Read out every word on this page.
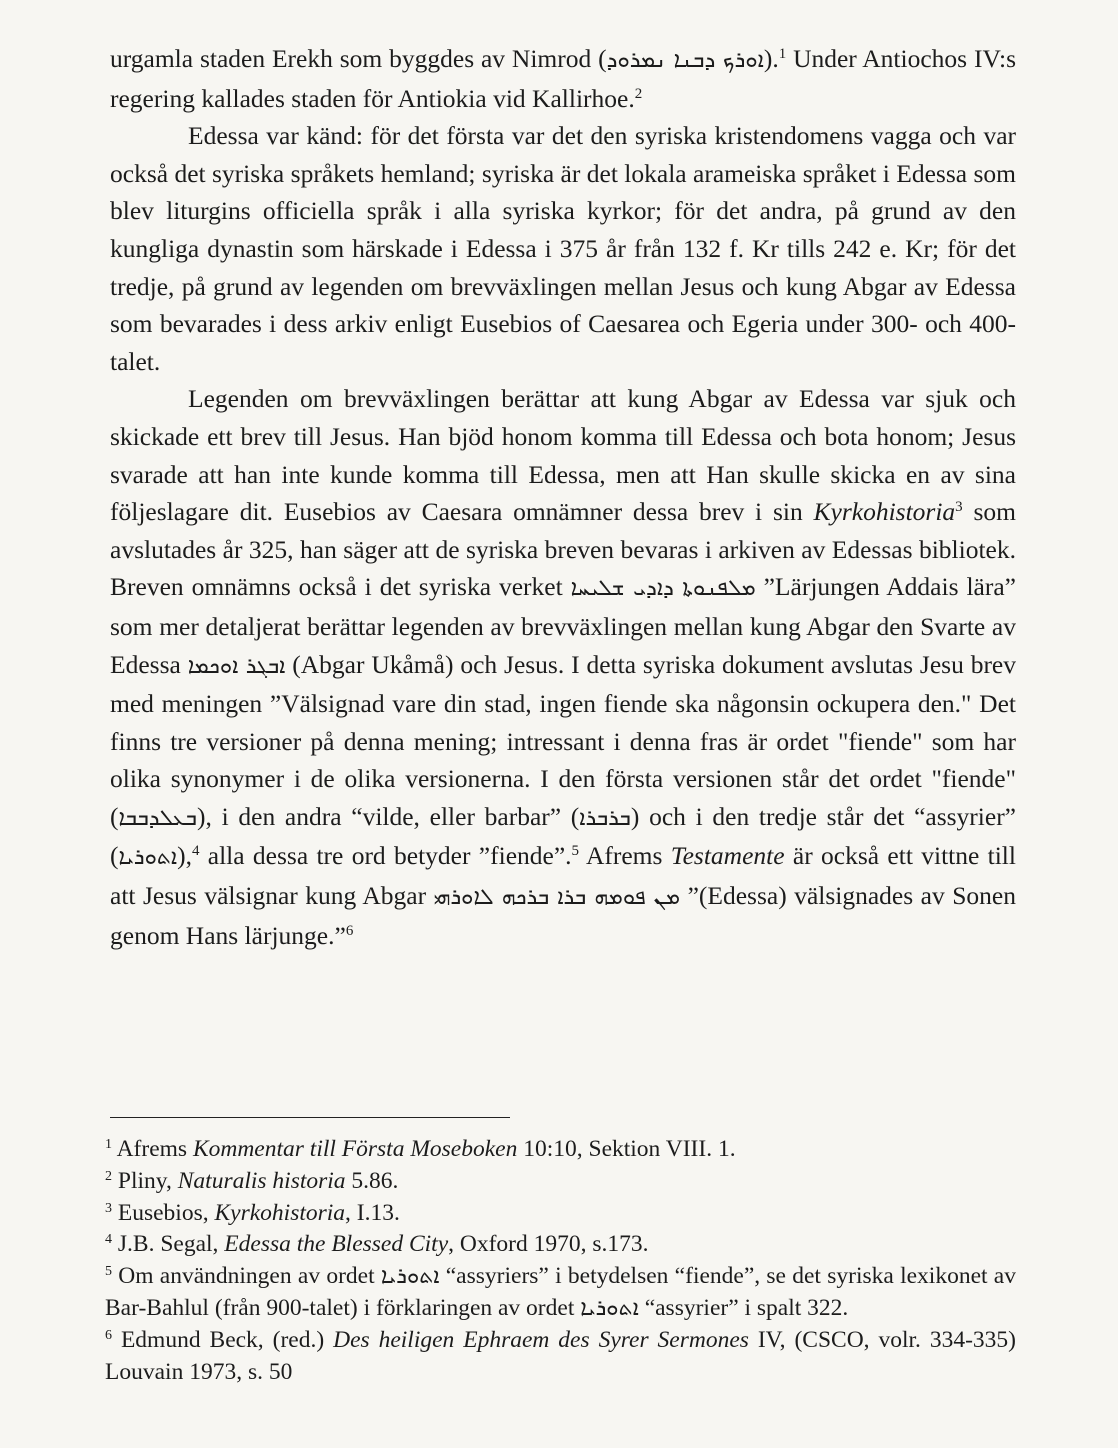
urgamla staden Erekh som byggdes av Nimrod (ܐܘܪܟ ܕܒܢܐ ܢܡܪܘܕ).$^1$ Under Antiochos IV:s regering kallades staden för Antiokia vid Kallirhoe.$^2$

Edessa var känd: för det första var det den syriska kristendomens vagga och var också det syriska språkets hemland; syriska är det lokala arameiska språket i Edessa som blev liturgins officiella språk i alla syriska kyrkor; för det andra, på grund av den kungliga dynastin som härskade i Edessa i 375 år från 132 f. Kr tills 242 e. Kr; för det tredje, på grund av legenden om brevväxlingen mellan Jesus och kung Abgar av Edessa som bevarades i dess arkiv enligt Eusebios of Caesarea och Egeria under 300- och 400-talet.

Legenden om brevväxlingen berättar att kung Abgar av Edessa var sjuk och skickade ett brev till Jesus. Han bjöd honom komma till Edessa och bota honom; Jesus svarade att han inte kunde komma till Edessa, men att Han skulle skicka en av sina följeslagare dit. Eusebios av Caesara omnämner dessa brev i sin Kyrkohistoria$^3$ som avslutades år 325, han säger att de syriska breven bevaras i arkiven av Edessas bibliotek. Breven omnämns också i det syriska verket ܡܠܦܢܘܬܐ ܕܐܕܝ ܫܠܝܚܐ ”Lärjungen Addais lära” som mer detaljerat berättar legenden av brevväxlingen mellan kung Abgar den Svarte av Edessa ܐܒܓܪ ܐܘܟܡܐ (Abgar Ukåmå) och Jesus. I detta syriska dokument avslutas Jesu brev med meningen ”Välsignad vare din stad, ingen fiende ska någonsin ockupera den." Det finns tre versioner på denna mening; intressant i denna fras är ordet "fiende" som har olika synonymer i de olika versionerna. I den första versionen står det ordet "fiende" (ܒܥܠܕܒܒܐ), i den andra “vilde, eller barbar” (ܒܪܒܪܐ) och i den tredje står det “assyrier” (ܐܬܘܪܝܐ),$^4$ alla dessa tre ord betyder ”fiende”.$^5$ Afrems Testamente är också ett vittne till att Jesus välsignar kung Abgar ܡܢ ܦܘܡܗ ܒܪܐ ܒܪܟܗ ܠܐܘܪܗܝ ”(Edessa) välsignades av Sonen genom Hans lärjunge.”$^6$

$^1$ Afrems Kommentar till Första Moseboken 10:10, Sektion VIII. 1.

$^2$ Pliny, Naturalis historia 5.86.

$^3$ Eusebios, Kyrkohistoria, I.13.

$^4$ J.B. Segal, Edessa the Blessed City, Oxford 1970, s.173.

$^5$ Om användningen av ordet ܐܬܘܪܝܐ “assyriers” i betydelsen “fiende”, se det syriska lexikonet av Bar-Bahlul (från 900-talet) i förklaringen av ordet ܐܬܘܪܝܐ “assyrier” i spalt 322.

$^6$ Edmund Beck, (red.) Des heiligen Ephraem des Syrer Sermones IV, (CSCO, volr. 334-335) Louvain 1973, s. 50
